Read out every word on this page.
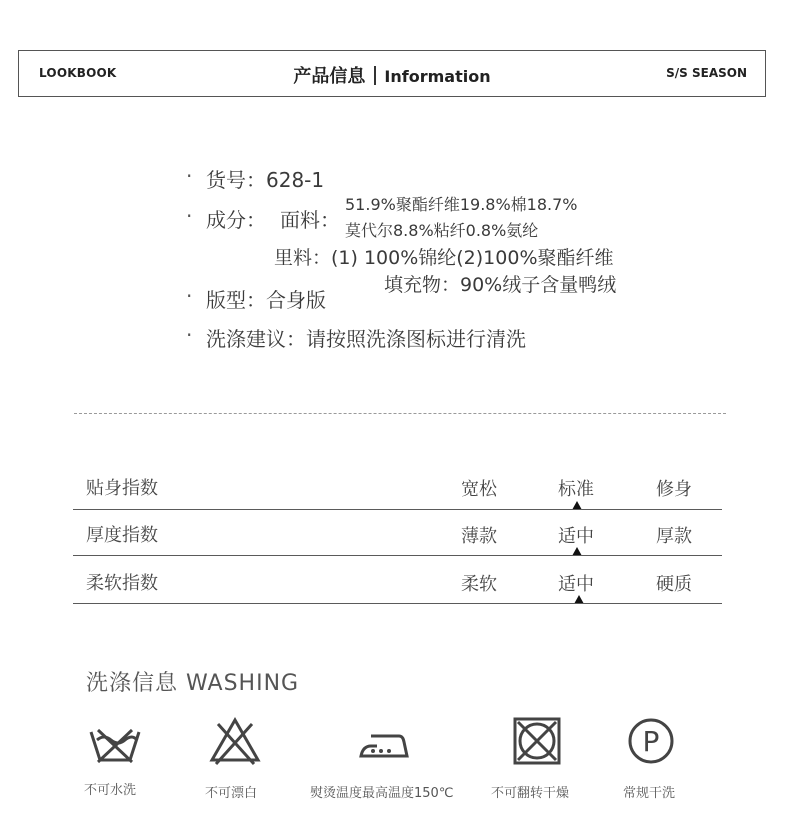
LOOKBOOK	产品信息 Information	S/S SEASON
· 货号：628-1
· 成分： 面料：
51.9%聚酯纤维19.8%棉18.7%
莫代尔8.8%粘纤0.8%氨纶
里料：(1) 100%锦纶(2)100%聚酯纤维
填充物：90%绒子含量鸭绒
· 版型：合身版
· 洗涤建议：请按照洗涤图标进行清洗
贴身指数	宽松	标准	修身
厚度指数	薄款	适中	厚款
柔软指数	柔软	适中	硬质
洗涤信息 WASHING
不可水洗	不可漂白	熨烫温度最高温度150℃	不可翻转干燥
P
常规干洗
